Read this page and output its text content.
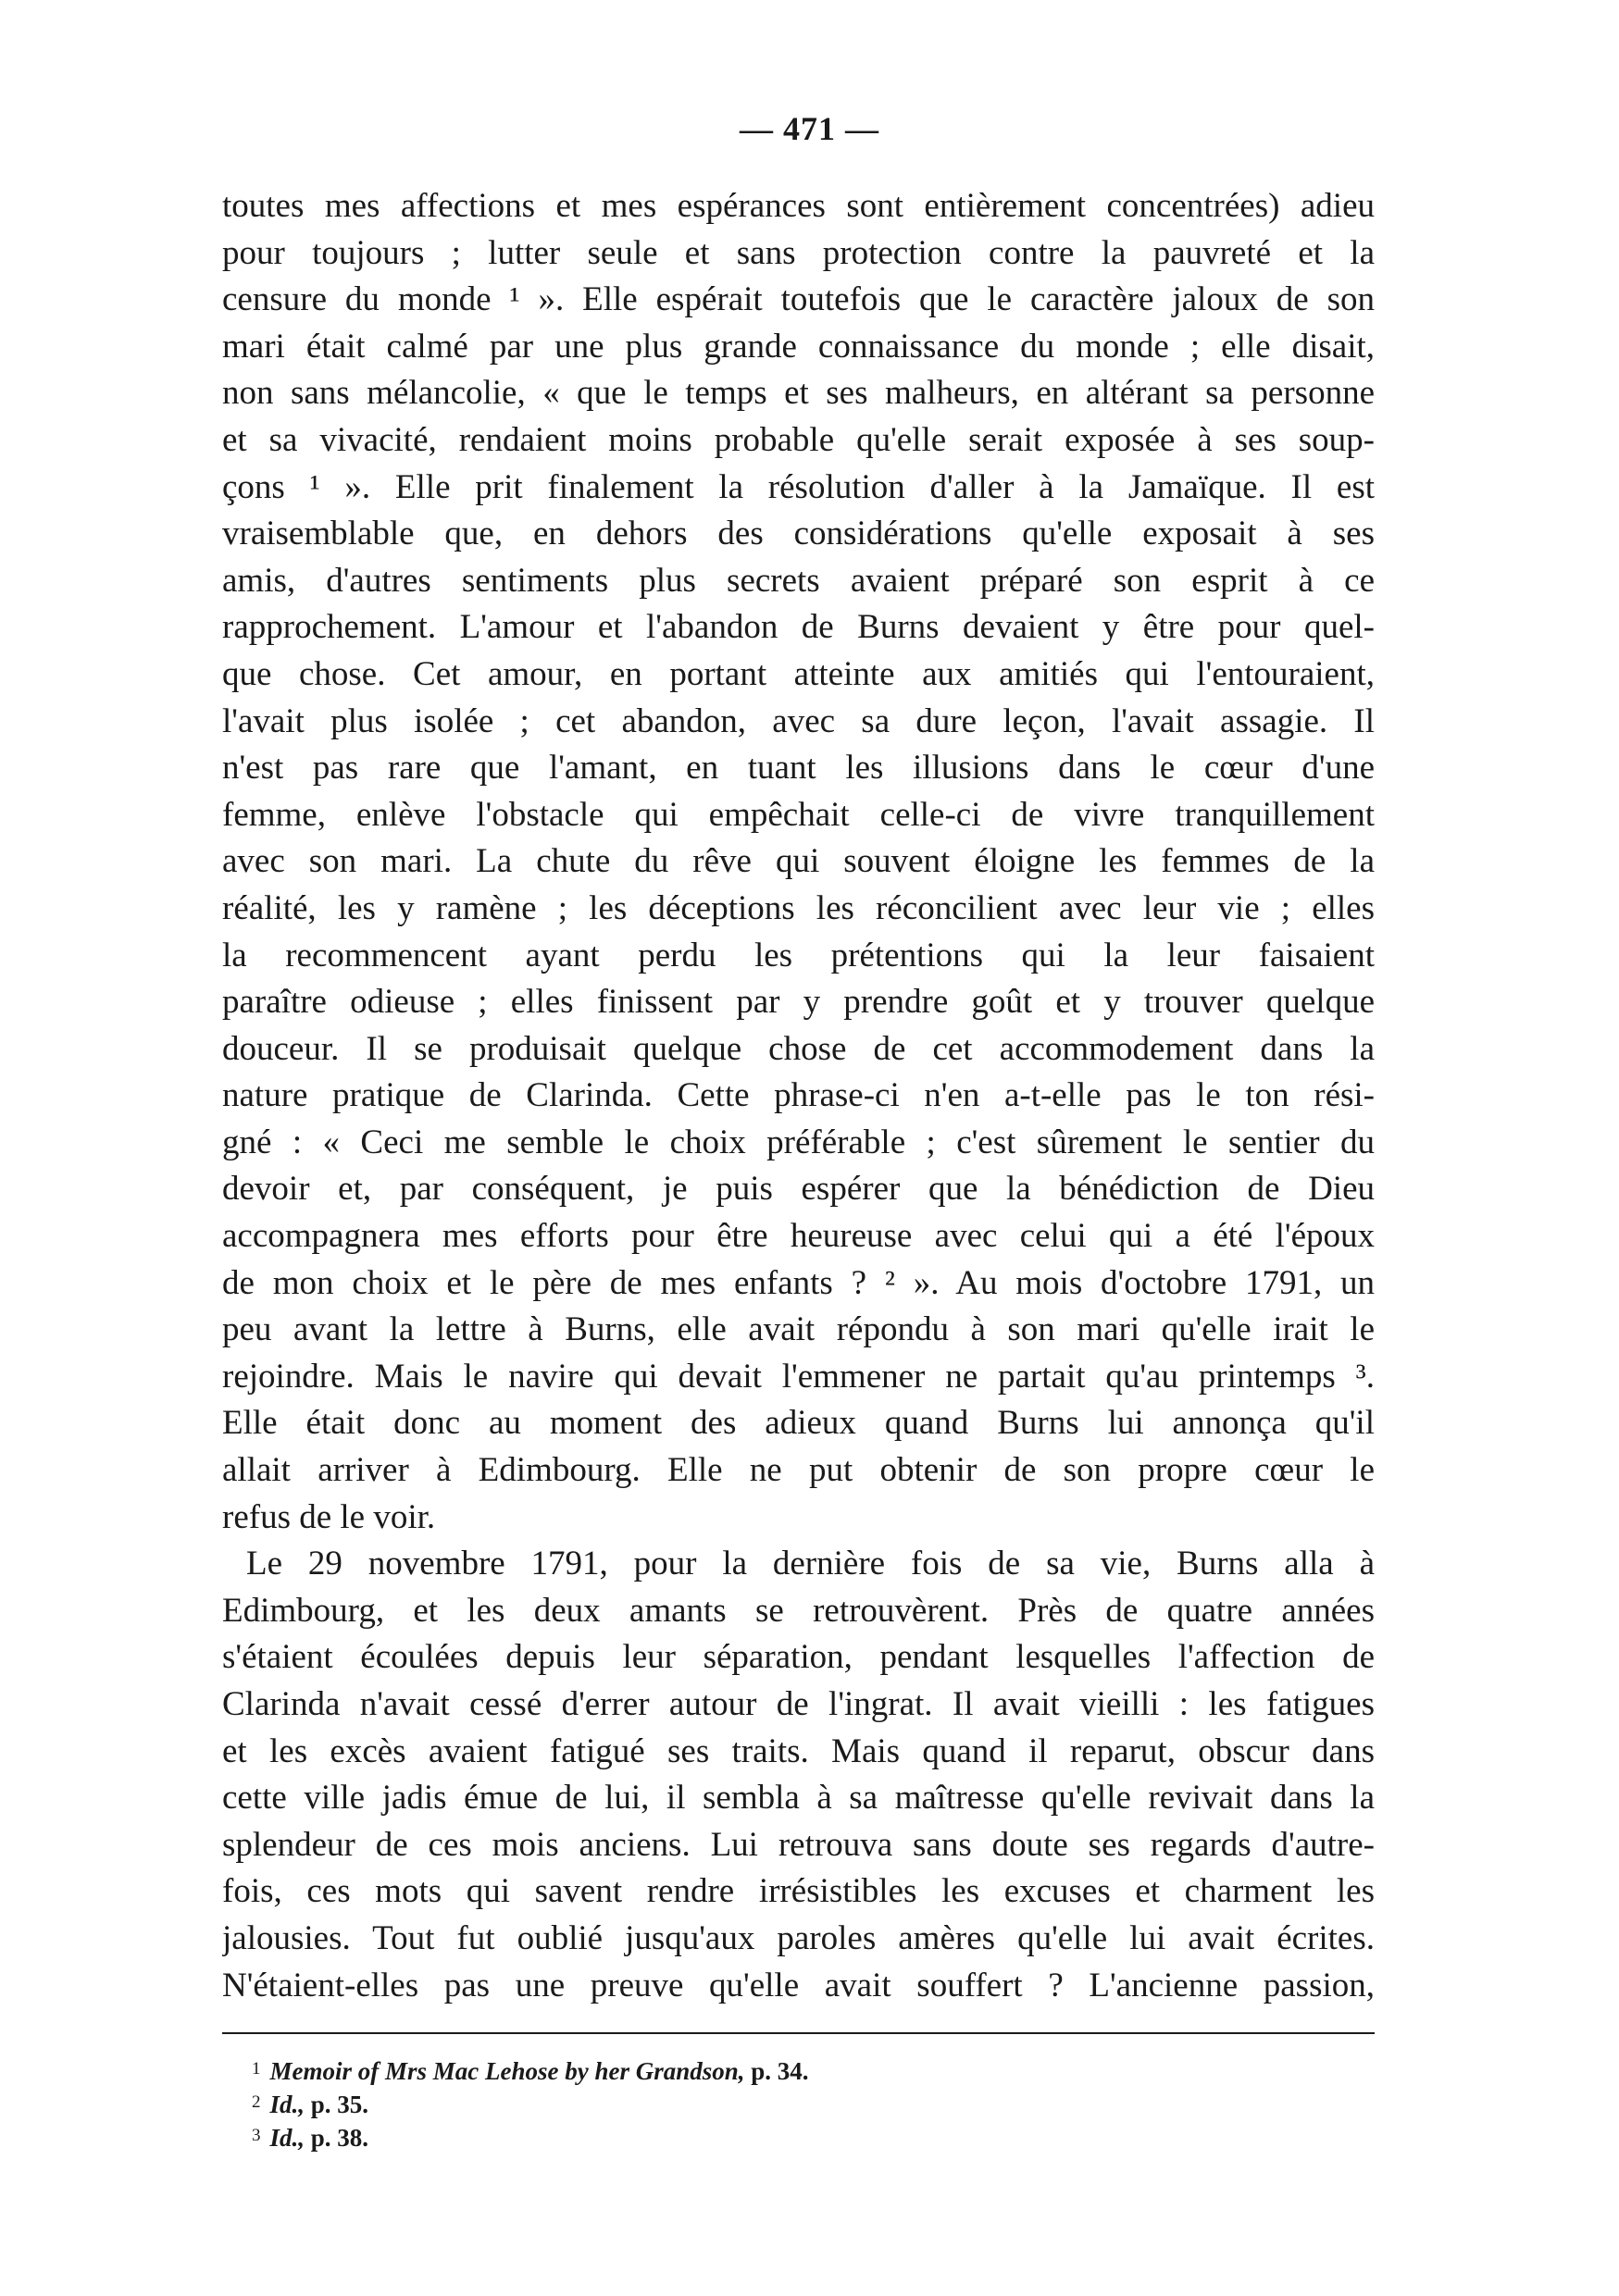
— 471 —
toutes mes affections et mes espérances sont entièrement concentrées) adieu
pour toujours ; lutter seule et sans protection contre la pauvreté et la
censure du monde ¹ ». Elle espérait toutefois que le caractère jaloux de son
mari était calmé par une plus grande connaissance du monde ; elle disait,
non sans mélancolie, « que le temps et ses malheurs, en altérant sa personne
et sa vivacité, rendaient moins probable qu'elle serait exposée à ses soup-
çons ¹ ». Elle prit finalement la résolution d'aller à la Jamaïque. Il est
vraisemblable que, en dehors des considérations qu'elle exposait à ses
amis, d'autres sentiments plus secrets avaient préparé son esprit à ce
rapprochement. L'amour et l'abandon de Burns devaient y être pour quel-
que chose. Cet amour, en portant atteinte aux amitiés qui l'entouraient,
l'avait plus isolée ; cet abandon, avec sa dure leçon, l'avait assagie. Il
n'est pas rare que l'amant, en tuant les illusions dans le cœur d'une
femme, enlève l'obstacle qui empêchait celle-ci de vivre tranquillement
avec son mari. La chute du rêve qui souvent éloigne les femmes de la
réalité, les y ramène ; les déceptions les réconcilient avec leur vie ; elles
la recommencent ayant perdu les prétentions qui la leur faisaient
paraître odieuse ; elles finissent par y prendre goût et y trouver quelque
douceur. Il se produisait quelque chose de cet accommodement dans la
nature pratique de Clarinda. Cette phrase-ci n'en a-t-elle pas le ton rési-
gné : « Ceci me semble le choix préférable ; c'est sûrement le sentier du
devoir et, par conséquent, je puis espérer que la bénédiction de Dieu
accompagnera mes efforts pour être heureuse avec celui qui a été l'époux
de mon choix et le père de mes enfants ? ² ». Au mois d'octobre 1791, un
peu avant la lettre à Burns, elle avait répondu à son mari qu'elle irait le
rejoindre. Mais le navire qui devait l'emmener ne partait qu'au printemps ³.
Elle était donc au moment des adieux quand Burns lui annonça qu'il
allait arriver à Edimbourg. Elle ne put obtenir de son propre cœur le
refus de le voir.
Le 29 novembre 1791, pour la dernière fois de sa vie, Burns alla à
Edimbourg, et les deux amants se retrouvèrent. Près de quatre années
s'étaient écoulées depuis leur séparation, pendant lesquelles l'affection de
Clarinda n'avait cessé d'errer autour de l'ingrat. Il avait vieilli : les fatigues
et les excès avaient fatigué ses traits. Mais quand il reparut, obscur dans
cette ville jadis émue de lui, il sembla à sa maîtresse qu'elle revivait dans la
splendeur de ces mois anciens. Lui retrouva sans doute ses regards d'autre-
fois, ces mots qui savent rendre irrésistibles les excuses et charment les
jalousies. Tout fut oublié jusqu'aux paroles amères qu'elle lui avait écrites.
N'étaient-elles pas une preuve qu'elle avait souffert ? L'ancienne passion,
$^1$ Memoir of Mrs Mac Lehose by her Grandson, p. 34.
$^2$ Id., p. 35.
$^3$ Id., p. 38.
